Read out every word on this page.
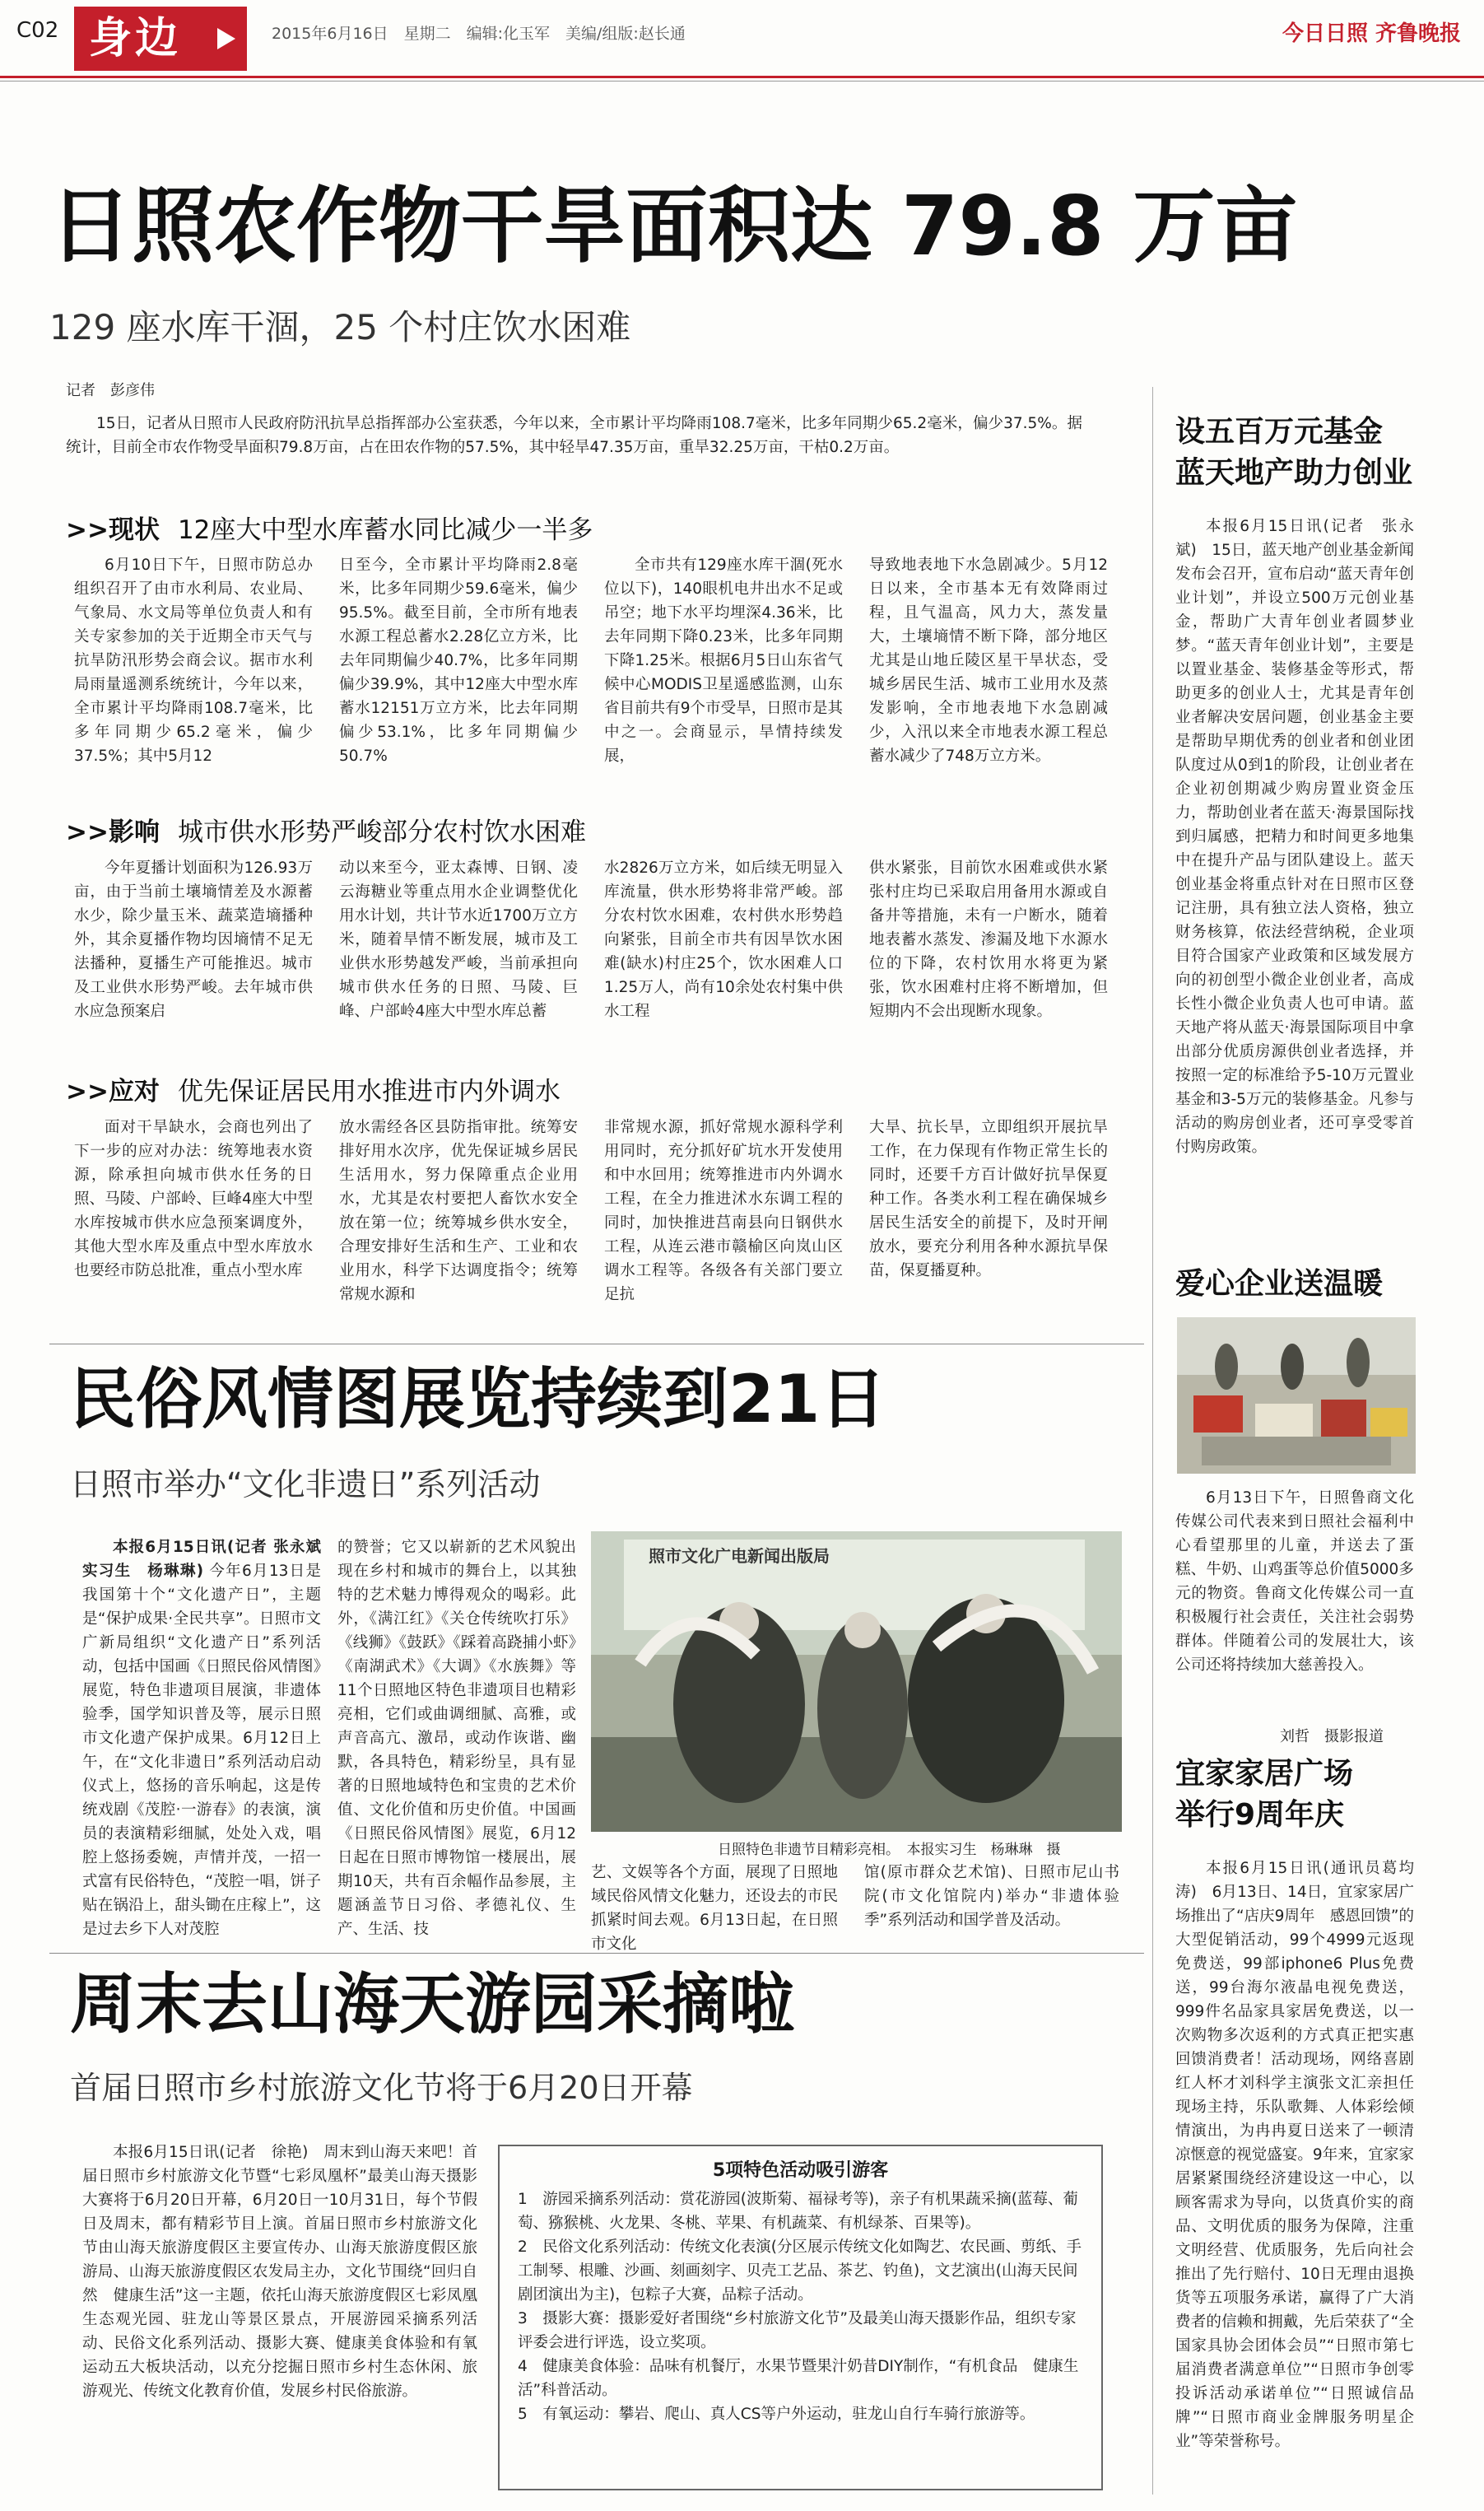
C02 身边	2015年6月16日　星期二　编辑:化玉军　美编/组版:赵长通	今日日照 齐鲁晚报
日照农作物干旱面积达 79.8 万亩
129 座水库干涸，25 个村庄饮水困难
记者　彭彦伟
15日，记者从日照市人民政府防汛抗旱总指挥部办公室获悉，今年以来，全市累计平均降雨108.7毫米，比多年同期少65.2毫米，偏少37.5%。据统计，目前全市农作物受旱面积79.8万亩，占在田农作物的57.5%，其中轻旱47.35万亩，重旱32.25万亩，干枯0.2万亩。
>>现状 12座大中型水库蓄水同比减少一半多
6月10日下午，日照市防总办组织召开了由市水利局、农业局、气象局、水文局等单位负责人和有关专家参加的关于近期全市天气与抗旱防汛形势会商会议。据市水利局雨量遥测系统统计，今年以来，全市累计平均降雨108.7毫米，比多年同期少65.2毫米，偏少37.5%；其中5月12
日至今，全市累计平均降雨2.8毫米，比多年同期少59.6毫米，偏少95.5%。截至目前，全市所有地表水源工程总蓄水2.28亿立方米，比去年同期偏少40.7%，比多年同期偏少39.9%，其中12座大中型水库蓄水12151万立方米，比去年同期偏少53.1%，比多年同期偏少50.7%
全市共有129座水库干涸(死水位以下)，140眼机电井出水不足或吊空；地下水平均埋深4.36米，比去年同期下降0.23米，比多年同期下降1.25米。根据6月5日山东省气候中心MODIS卫星遥感监测，山东省目前共有9个市受旱，日照市是其中之一。会商显示，旱情持续发展，
导致地表地下水急剧减少。5月12日以来，全市基本无有效降雨过程，且气温高，风力大，蒸发量大，土壤墒情不断下降，部分地区尤其是山地丘陵区星干旱状态，受城乡居民生活、城市工业用水及蒸发影响，全市地表地下水急剧减少，入汛以来全市地表水源工程总蓄水减少了748万立方米。
>>影响 城市供水形势严峻部分农村饮水困难
今年夏播计划面积为126.93万亩，由于当前土壤墒情差及水源蓄水少，除少量玉米、蔬菜造墒播种外，其余夏播作物均因墒情不足无法播种，夏播生产可能推迟。城市及工业供水形势严峻。去年城市供水应急预案启
动以来至今，亚太森博、日钢、凌云海糖业等重点用水企业调整优化用水计划，共计节水近1700万立方米，随着旱情不断发展，城市及工业供水形势越发严峻，当前承担向城市供水任务的日照、马陵、巨峰、户部岭4座大中型水库总蓄
水2826万立方米，如后续无明显入库流量，供水形势将非常严峻。部分农村饮水困难，农村供水形势趋向紧张，目前全市共有因旱饮水困难(缺水)村庄25个，饮水困难人口1.25万人，尚有10余处农村集中供水工程
供水紧张，目前饮水困难或供水紧张村庄均已采取启用备用水源或自备井等措施，未有一户断水，随着地表蓄水蒸发、渗漏及地下水源水位的下降，农村饮用水将更为紧张，饮水困难村庄将不断增加，但短期内不会出现断水现象。
>>应对 优先保证居民用水推进市内外调水
面对干旱缺水，会商也列出了下一步的应对办法：统筹地表水资源，除承担向城市供水任务的日照、马陵、户部岭、巨峰4座大中型水库按城市供水应急预案调度外，其他大型水库及重点中型水库放水也要经市防总批准，重点小型水库
放水需经各区县防指审批。统筹安排好用水次序，优先保证城乡居民生活用水，努力保障重点企业用水，尤其是农村要把人畜饮水安全放在第一位；统筹城乡供水安全，合理安排好生活和生产、工业和农业用水，科学下达调度指令；统筹常规水源和
非常规水源，抓好常规水源科学利用同时，充分抓好矿坑水开发使用和中水回用；统筹推进市内外调水工程，在全力推进沭水东调工程的同时，加快推进莒南县向日钢供水工程，从连云港市赣榆区向岚山区调水工程等。各级各有关部门要立足抗
大旱、抗长旱，立即组织开展抗旱工作，在力保现有作物正常生长的同时，还要千方百计做好抗旱保夏种工作。各类水利工程在确保城乡居民生活安全的前提下，及时开闸放水，要充分利用各种水源抗旱保苗，保夏播夏种。
民俗风情图展览持续到21日
日照市举办“文化非遗日”系列活动
本报6月15日讯(记者 张永斌　实习生　杨琳琳) 今年6月13日是我国第十个“文化遗产日”，主题是“保护成果·全民共享”。日照市文广新局组织“文化遗产日”系列活动，包括中国画《日照民俗风情图》展览，特色非遗项目展演，非遗体验季，国学知识普及等，展示日照市文化遗产保护成果。6月12日上午，在“文化非遗日”系列活动启动仪式上，悠扬的音乐响起，这是传统戏剧《茂腔·一游春》的表演，演员的表演精彩细腻，处处入戏，唱腔上悠扬委婉，声情并茂，一招一式富有民俗特色，“茂腔一唱，饼子贴在锅沿上，甜头锄在庄稼上”，这是过去乡下人对茂腔
的赞誉；它又以崭新的艺术风貌出现在乡村和城市的舞台上，以其独特的艺术魅力博得观众的喝彩。此外，《满江红》《关仓传统吹打乐》《线狮》《鼓跃》《踩着高跷捕小虾》《南湖武术》《大调》《水族舞》等11个日照地区特色非遗项目也精彩亮相，它们或曲调细腻、高雅，或声音高亢、激昂，或动作诙谐、幽默，各具特色，精彩纷呈，具有显著的日照地域特色和宝贵的艺术价值、文化价值和历史价值。中国画《日照民俗风情图》展览，6月12日起在日照市博物馆一楼展出，展期10天，共有百余幅作品参展，主题涵盖节日习俗、孝德礼仪、生产、生活、技
照市文化广电新闻出版局
日照特色非遗节目精彩亮相。　本报实习生　杨琳琳　摄
艺、文娱等各个方面，展现了日照地域民俗风情文化魅力，还设去的市民抓紧时间去观。6月13日起，在日照市文化
馆(原市群众艺术馆)、日照市尼山书院(市文化馆院内)举办“非遗体验季”系列活动和国学普及活动。
周末去山海天游园采摘啦
首届日照市乡村旅游文化节将于6月20日开幕
本报6月15日讯(记者　徐艳)　周末到山海天来吧！首届日照市乡村旅游文化节暨“七彩凤凰杯”最美山海天摄影大赛将于6月20日开幕，6月20日一10月31日，每个节假日及周末，都有精彩节目上演。首届日照市乡村旅游文化节由山海天旅游度假区主要宣传办、山海天旅游度假区旅游局、山海天旅游度假区农发局主办，文化节围绕“回归自然　健康生活”这一主题，依托山海天旅游度假区七彩凤凰生态观光园、驻龙山等景区景点，开展游园采摘系列活动、民俗文化系列活动、摄影大赛、健康美食体验和有氧运动五大板块活动，以充分挖掘日照市乡村生态休闲、旅游观光、传统文化教育价值，发展乡村民俗旅游。
5项特色活动吸引游客
1　游园采摘系列活动：赏花游园(波斯菊、福禄考等)，亲子有机果蔬采摘(蓝莓、葡萄、猕猴桃、火龙果、冬桃、苹果、有机蔬菜、有机绿茶、百果等)。
2　民俗文化系列活动：传统文化表演(分区展示传统文化如陶艺、农民画、剪纸、手工制琴、根雕、沙画、刻画刻字、贝壳工艺品、茶艺、钓鱼)，文艺演出(山海天民间剧团演出为主)，包粽子大赛，品粽子活动。
3　摄影大赛：摄影爱好者围绕“乡村旅游文化节”及最美山海天摄影作品，组织专家评委会进行评选，设立奖项。
4　健康美食体验：品味有机餐厅，水果节暨果汁奶昔DIY制作，“有机食品　健康生活”科普活动。
5　有氧运动：攀岩、爬山、真人CS等户外运动，驻龙山自行车骑行旅游等。
设五百万元基金
蓝天地产助力创业
本报6月15日讯(记者　张永斌)　15日，蓝天地产创业基金新闻发布会召开，宣布启动“蓝天青年创业计划”，并设立500万元创业基金，帮助广大青年创业者圆梦业梦。“蓝天青年创业计划”，主要是以置业基金、装修基金等形式，帮助更多的创业人士，尤其是青年创业者解决安居问题，创业基金主要是帮助早期优秀的创业者和创业团队度过从0到1的阶段，让创业者在企业初创期减少购房置业资金压力，帮助创业者在蓝天·海景国际找到归属感，把精力和时间更多地集中在提升产品与团队建设上。蓝天创业基金将重点针对在日照市区登记注册，具有独立法人资格，独立财务核算，依法经营纳税，企业项目符合国家产业政策和区域发展方向的初创型小微企业创业者，高成长性小微企业负责人也可申请。蓝天地产将从蓝天·海景国际项目中拿出部分优质房源供创业者选择，并按照一定的标准给予5-10万元置业基金和3-5万元的装修基金。凡参与活动的购房创业者，还可享受零首付购房政策。
爱心企业送温暖
6月13日下午，日照鲁商文化传媒公司代表来到日照社会福利中心看望那里的儿童，并送去了蛋糕、牛奶、山鸡蛋等总价值5000多元的物资。鲁商文化传媒公司一直积极履行社会责任，关注社会弱势群体。伴随着公司的发展壮大，该公司还将持续加大慈善投入。
刘哲　摄影报道
宜家家居广场
举行9周年庆
本报6月15日讯(通讯员葛均涛)　6月13日、14日，宜家家居广场推出了“店庆9周年　感恩回馈”的大型促销活动，99个4999元返现免费送，99部iphone6 Plus免费送，99台海尔液晶电视免费送，999件名品家具家居免费送，以一次购物多次返利的方式真正把实惠回馈消费者！活动现场，网络喜剧红人杯才刘科学主演张文汇亲担任现场主持，乐队歌舞、人体彩绘倾情演出，为冉冉夏日送来了一顿清凉惬意的视觉盛宴。9年来，宜家家居紧紧围绕经济建设这一中心，以顾客需求为导向，以货真价实的商品、文明优质的服务为保障，注重文明经营、优质服务，先后向社会推出了先行赔付、10日无理由退换货等五项服务承诺，赢得了广大消费者的信赖和拥戴，先后荣获了“全国家具协会团体会员”“日照市第七届消费者满意单位”“日照市争创零投诉活动承诺单位”“日照诚信品牌”“日照市商业金牌服务明星企业”等荣誉称号。
